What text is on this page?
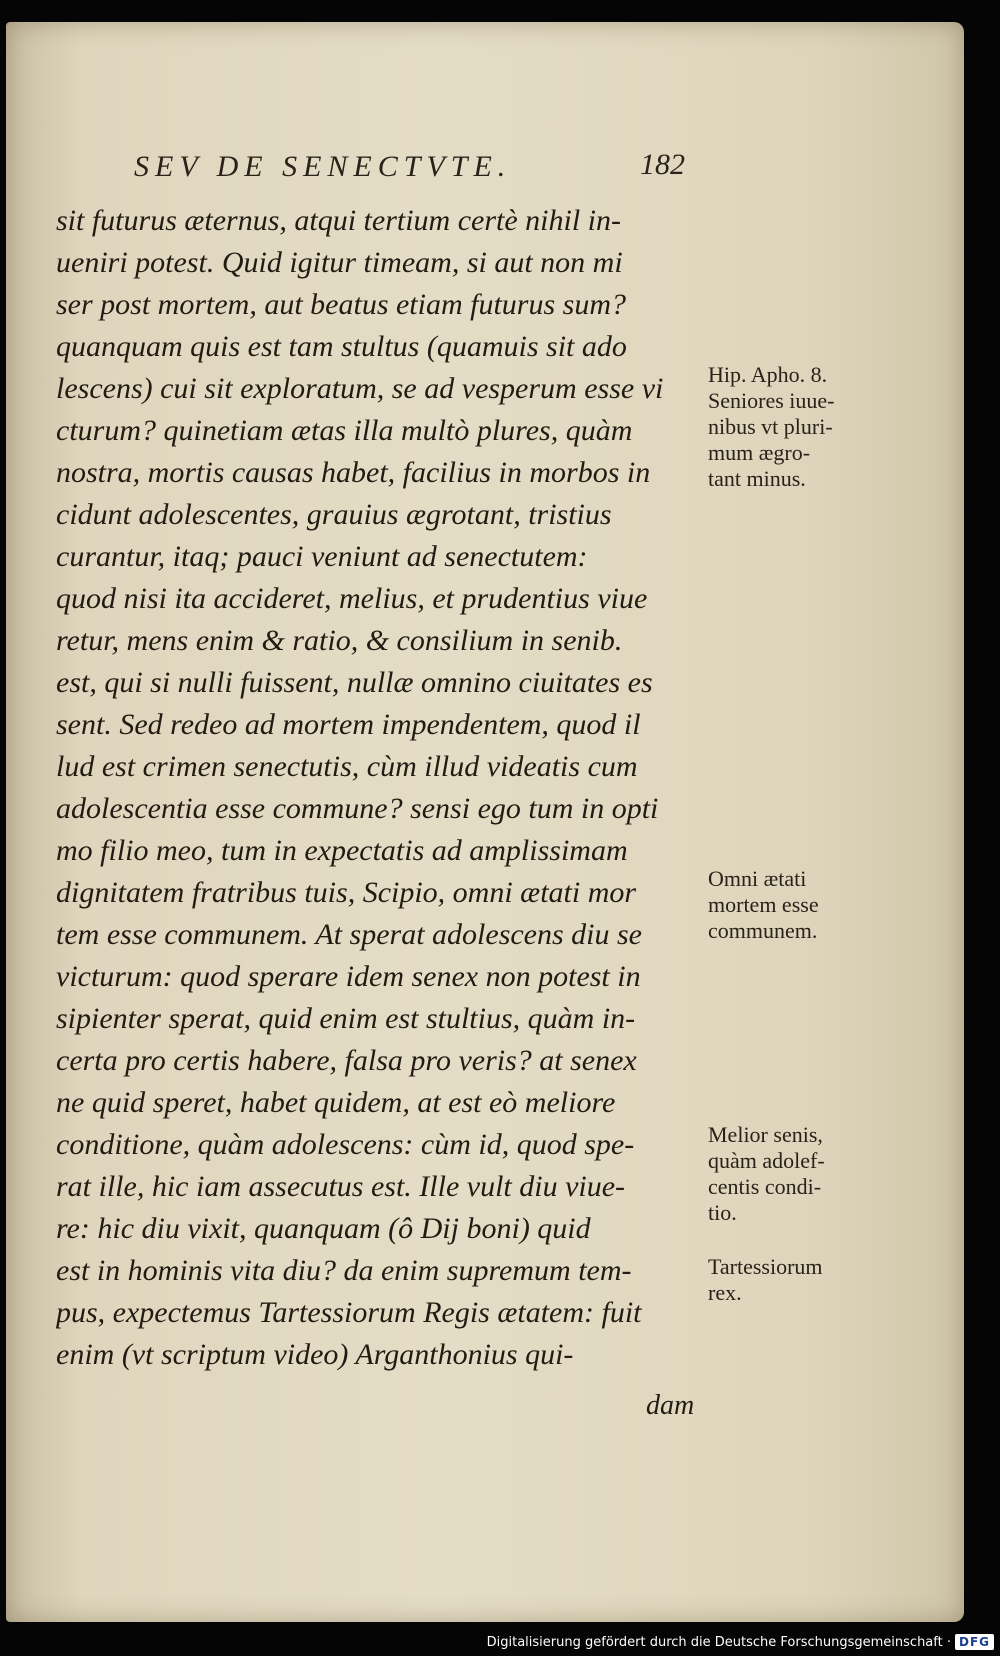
SEV DE SENECTVTE.	182
sit futurus æternus, atqui tertium certè nihil in-
ueniri potest. Quid igitur timeam, si aut non mi
ser post mortem, aut beatus etiam futurus sum?
quanquam quis est tam stultus (quamuis sit ado
lescens) cui sit exploratum, se ad vesperum esse vi
cturum? quinetiam ætas illa multò plures, quàm
nostra, mortis causas habet, facilius in morbos in
cidunt adolescentes, grauius ægrotant, tristius
curantur, itaq; pauci veniunt ad senectutem:
quod nisi ita accideret, melius, et prudentius viue
retur, mens enim & ratio, & consilium in senib.
est, qui si nulli fuissent, nullæ omnino ciuitates es
sent. Sed redeo ad mortem impendentem, quod il
lud est crimen senectutis, cùm illud videatis cum
adolescentia esse commune? sensi ego tum in opti
mo filio meo, tum in expectatis ad amplissimam
dignitatem fratribus tuis, Scipio, omni ætati mor
tem esse communem. At sperat adolescens diu se
victurum: quod sperare idem senex non potest in
sipienter sperat, quid enim est stultius, quàm in-
certa pro certis habere, falsa pro veris? at senex
ne quid speret, habet quidem, at est eò meliore
conditione, quàm adolescens: cùm id, quod spe-
rat ille, hic iam assecutus est. Ille vult diu viue-
re: hic diu vixit, quanquam (ô Dij boni) quid
est in hominis vita diu? da enim supremum tem-
pus, expectemus Tartessiorum Regis ætatem: fuit
enim (vt scriptum video) Arganthonius qui-
dam
Hip. Apho. 8.
Seniores iuue-
nibus vt pluri-
mum ægro-
tant minus.
Omni ætati
mortem esse
communem.
Melior senis,
quàm adolef-
centis condi-
tio.
Tartessiorum
rex.
Digitalisierung gefördert durch die Deutsche Forschungsgemeinschaft · DFG
